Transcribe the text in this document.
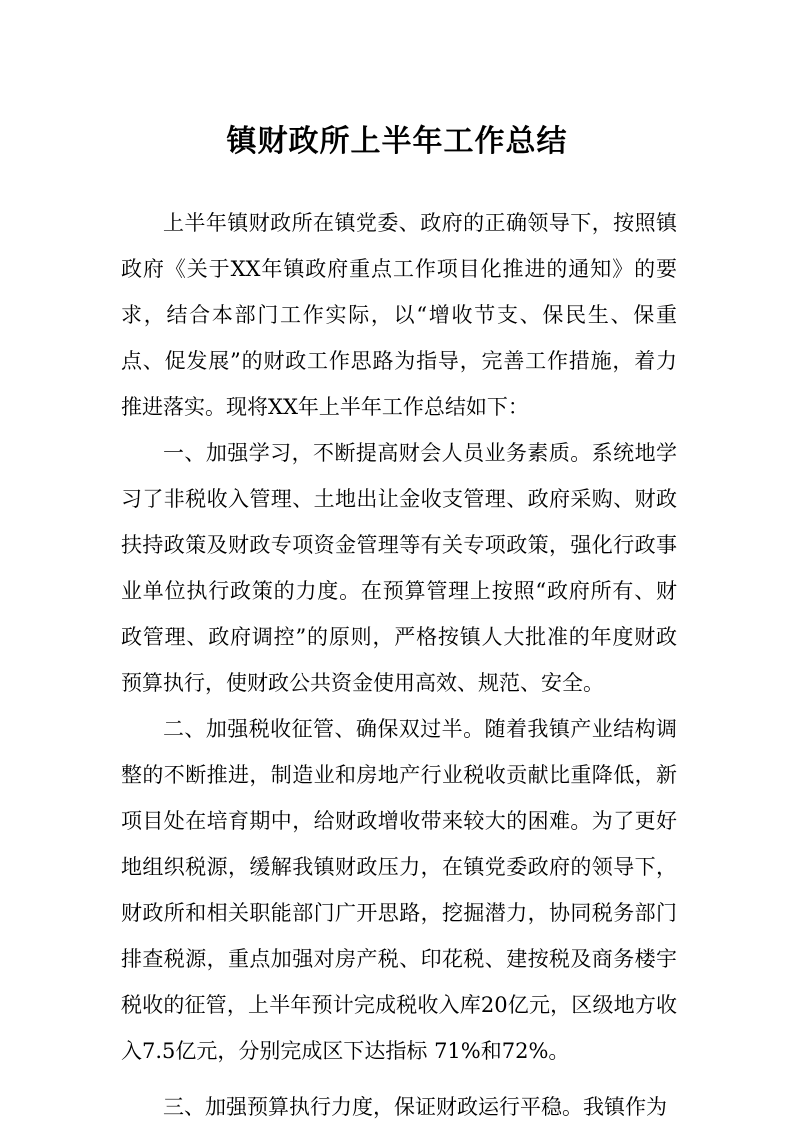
镇财政所上半年工作总结

上半年镇财政所在镇党委、政府的正确领导下，按照镇政府《关于XX年镇政府重点工作项目化推进的通知》的要求，结合本部门工作实际，以“增收节支、保民生、保重点、促发展”的财政工作思路为指导，完善工作措施，着力推进落实。现将XX年上半年工作总结如下：

一、加强学习，不断提高财会人员业务素质。系统地学习了非税收入管理、土地出让金收支管理、政府采购、财政扶持政策及财政专项资金管理等有关专项政策，强化行政事业单位执行政策的力度。在预算管理上按照“政府所有、财政管理、政府调控”的原则，严格按镇人大批准的年度财政预算执行，使财政公共资金使用高效、规范、安全。

二、加强税收征管、确保双过半。随着我镇产业结构调整的不断推进，制造业和房地产行业税收贡献比重降低，新项目处在培育期中，给财政增收带来较大的困难。为了更好地组织税源，缓解我镇财政压力，在镇党委政府的领导下，财政所和相关职能部门广开思路，挖掘潜力，协同税务部门排查税源，重点加强对房产税、印花税、建按税及商务楼宇税收的征管，上半年预计完成税收入库20亿元，区级地方收入7.5亿元，分别完成区下达指标 71%和72%。

三、加强预算执行力度，保证财政运行平稳。我镇作为
